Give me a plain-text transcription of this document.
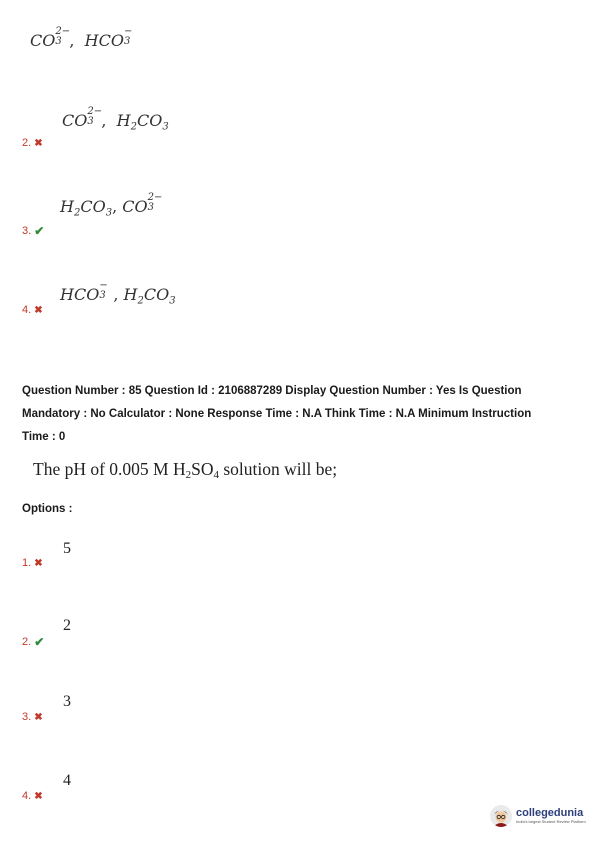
CO 2−
3 , HCO −
3
CO 2−
3 , $H_2CO_3$
2. ✖
$H_2CO_3$, CO 2−
3
3. ✔
HCO −
3 , $H_2CO_3$
4. ✖
Question Number : 85 Question Id : 2106887289 Display Question Number : Yes Is Question
Mandatory : No Calculator : None Response Time : N.A Think Time : N.A Minimum Instruction
Time : 0
The pH of 0.005 M H2SO4 solution will be;
Options :
5
1. ✖
2
2. ✔
3
3. ✖
4
4. ✖
collegedunia
India's largest Student Review Platform
